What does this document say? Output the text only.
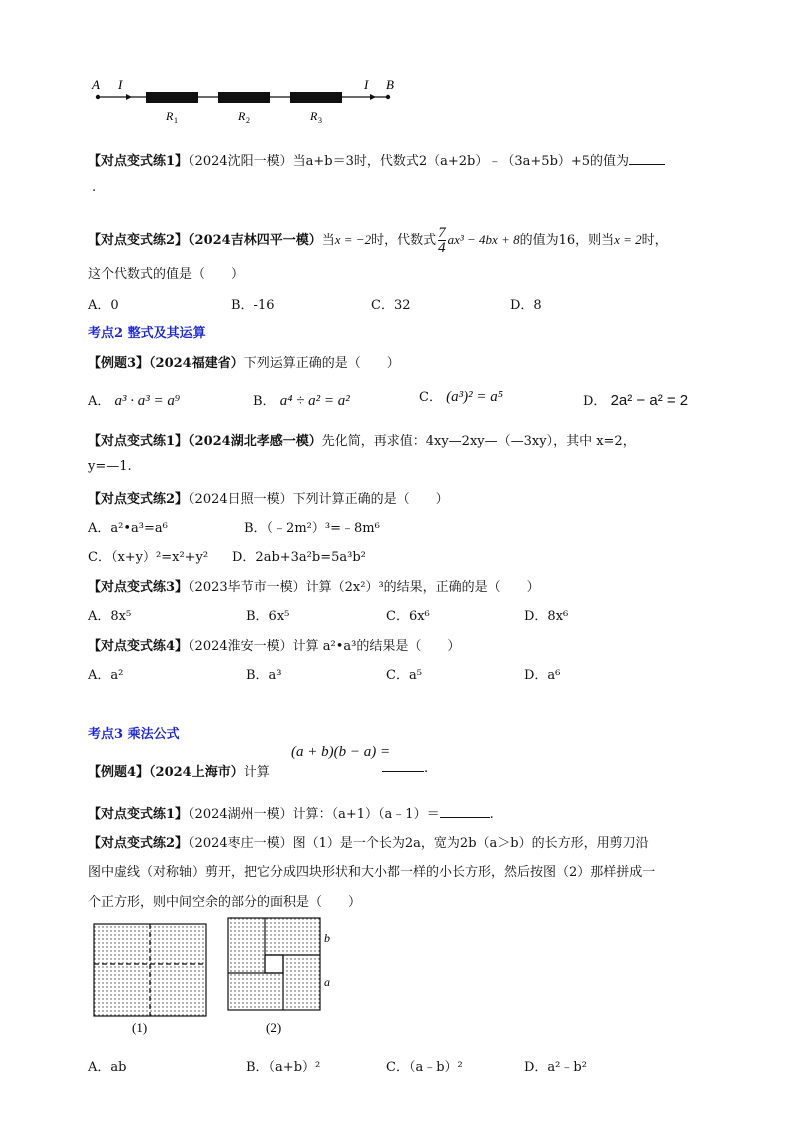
A I	I B
R 1	R 2	R 3
【对点变式练1】（2024沈阳一模）当a+b＝3时，代数式2（a+2b）﹣（3a+5b）+5的值为
.
【对点变式练2】（2024吉林四平一模）当x = −2时，代数式 $\frac{7}{4} ax^3 - 4bx + 8$的值为16，则当x = 2时，
这个代数式的值是（　　）
A．0	B．-16	C．32	D．8
考点2 整式及其运算
【例题3】（2024福建省）下列运算正确的是（　　）
A． a³ · a³ = a⁹	B． a⁴ ÷ a² = a²	C． (a³)² = a⁵	D． 2a² − a² = 2
【对点变式练1】（2024湖北孝感一模）先化简，再求值：4xy—2xy—（—3xy），其中 x=2，
y=—1.
【对点变式练2】（2024日照一模）下列计算正确的是（　　）
A．a²•a³=a⁶	B．（﹣2m²）³=﹣8m⁶
C．（x+y）²=x²+y² D．2ab+3a²b=5a³b²
【对点变式练3】（2023毕节市一模）计算（2x²）³的结果，正确的是（　　）
A．8x⁵	B．6x⁵	C．6x⁶	D．8x⁶
【对点变式练4】（2024淮安一模）计算 a²•a³的结果是（　　）
A．a²	B．a³	C．a⁵	D．a⁶
考点3 乘法公式
【例题4】（2024上海市）计算
(a + b)(b − a) =
.
【对点变式练1】（2024湖州一模）计算：（a+1）（a﹣1）＝	.
【对点变式练2】（2024枣庄一模）图（1）是一个长为2a，宽为2b（a＞b）的长方形，用剪刀沿
图中虚线（对称轴）剪开，把它分成四块形状和大小都一样的小长方形，然后按图（2）那样拼成一
个正方形，则中间空余的部分的面积是（　　）
(1)
b
a
(2)
A．ab	B．（a+b）²	C．（a﹣b）²	D．a²﹣b²
